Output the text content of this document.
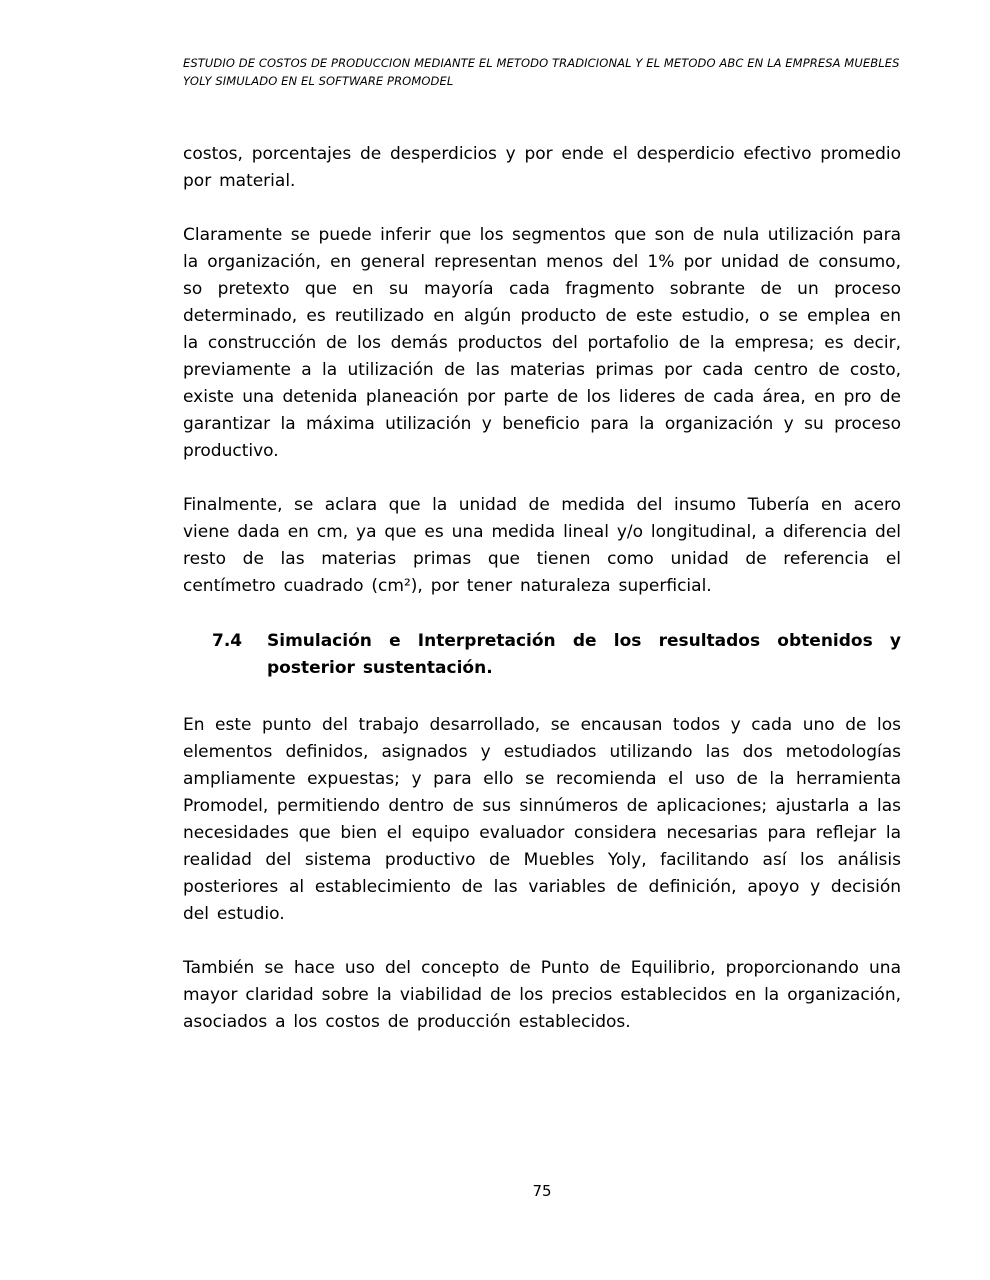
ESTUDIO DE COSTOS DE PRODUCCION MEDIANTE EL METODO TRADICIONAL Y EL METODO ABC EN LA EMPRESA MUEBLES YOLY SIMULADO EN EL SOFTWARE PROMODEL

costos, porcentajes de desperdicios y por ende el desperdicio efectivo promedio por material.

Claramente se puede inferir que los segmentos que son de nula utilización para la organización, en general representan menos del 1% por unidad de consumo, so pretexto que en su mayoría cada fragmento sobrante de un proceso determinado, es reutilizado en algún producto de este estudio, o se emplea en la construcción de los demás productos del portafolio de la empresa; es decir, previamente a la utilización de las materias primas por cada centro de costo, existe una detenida planeación por parte de los lideres de cada área, en pro de garantizar la máxima utilización y beneficio para la organización y su proceso productivo.

Finalmente, se aclara que la unidad de medida del insumo Tubería en acero viene dada en cm, ya que es una medida lineal y/o longitudinal, a diferencia del resto de las materias primas que tienen como unidad de referencia el centímetro cuadrado (cm²), por tener naturaleza superficial.

7.4	Simulación e Interpretación de los resultados obtenidos y posterior sustentación.

En este punto del trabajo desarrollado, se encausan todos y cada uno de los elementos definidos, asignados y estudiados utilizando las dos metodologías ampliamente expuestas; y para ello se recomienda el uso de la herramienta Promodel, permitiendo dentro de sus sinnúmeros de aplicaciones; ajustarla a las necesidades que bien el equipo evaluador considera necesarias para reflejar la realidad del sistema productivo de Muebles Yoly, facilitando así los análisis posteriores al establecimiento de las variables de definición, apoyo y decisión del estudio.

También se hace uso del concepto de Punto de Equilibrio, proporcionando una mayor claridad sobre la viabilidad de los precios establecidos en la organización, asociados a los costos de producción establecidos.

75
